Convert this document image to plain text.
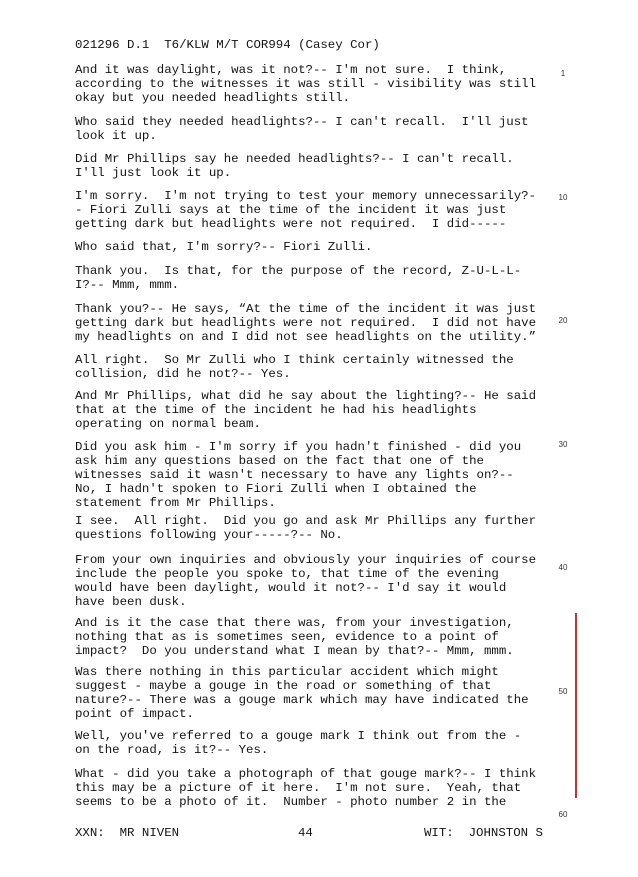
021296 D.1  T6/KLW M/T COR994 (Casey Cor)

And it was daylight, was it not?-- I'm not sure.  I think,
according to the witnesses it was still - visibility was still
okay but you needed headlights still.

Who said they needed headlights?-- I can't recall.  I'll just
look it up.

Did Mr Phillips say he needed headlights?-- I can't recall.
I'll just look it up.

I'm sorry.  I'm not trying to test your memory unnecessarily?-
- Fiori Zulli says at the time of the incident it was just
getting dark but headlights were not required.  I did-----

Who said that, I'm sorry?-- Fiori Zulli.

Thank you.  Is that, for the purpose of the record, Z-U-L-L-
I?-- Mmm, mmm.

Thank you?-- He says, “At the time of the incident it was just
getting dark but headlights were not required.  I did not have
my headlights on and I did not see headlights on the utility.”

All right.  So Mr Zulli who I think certainly witnessed the
collision, did he not?-- Yes.

And Mr Phillips, what did he say about the lighting?-- He said
that at the time of the incident he had his headlights
operating on normal beam.

Did you ask him - I'm sorry if you hadn't finished - did you
ask him any questions based on the fact that one of the
witnesses said it wasn't necessary to have any lights on?--
No, I hadn't spoken to Fiori Zulli when I obtained the
statement from Mr Phillips.

I see.  All right.  Did you go and ask Mr Phillips any further
questions following your-----?-- No.

From your own inquiries and obviously your inquiries of course
include the people you spoke to, that time of the evening
would have been daylight, would it not?-- I'd say it would
have been dusk.

And is it the case that there was, from your investigation,
nothing that as is sometimes seen, evidence to a point of
impact?  Do you understand what I mean by that?-- Mmm, mmm.

Was there nothing in this particular accident which might
suggest - maybe a gouge in the road or something of that
nature?-- There was a gouge mark which may have indicated the
point of impact.

Well, you've referred to a gouge mark I think out from the -
on the road, is it?-- Yes.

What - did you take a photograph of that gouge mark?-- I think
this may be a picture of it here.  I'm not sure.  Yeah, that
seems to be a photo of it.  Number - photo number 2 in the

1
10
20
30
40
50
60
XXN:  MR NIVEN	44	WIT:  JOHNSTON S
